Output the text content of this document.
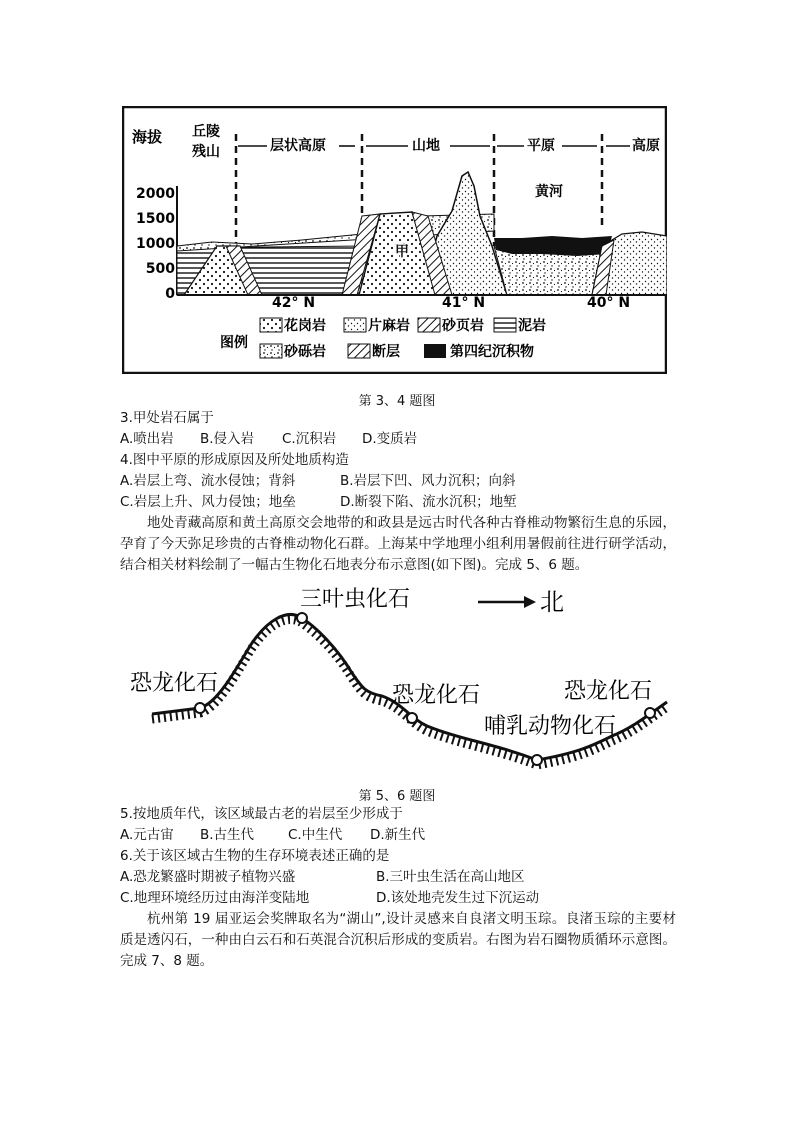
海拔 丘陵
残山	层状高原	山地	平原	高原
2000
1500
1000
500
0
甲
黄河
42° N	41° N	40° N
图例
花岗岩	片麻岩 砂页岩 泥岩
砂砾岩	断层	第四纪沉积物
第 3、4 题图
3.甲处岩石属于
A.喷出岩 B.侵入岩 C.沉积岩 D.变质岩
4.图中平原的形成原因及所处地质构造
A.岩层上弯、流水侵蚀；背斜	B.岩层下凹、风力沉积；向斜
C.岩层上升、风力侵蚀；地垒	D.断裂下陷、流水沉积；地堑
地处青藏高原和黄土高原交会地带的和政县是远古时代各种古脊椎动物繁衍生息的乐园，孕育了今天弥足珍贵的古脊椎动物化石群。上海某中学地理小组利用暑假前往进行研学活动，结合相关材料绘制了一幅古生物化石地表分布示意图(如下图)。完成 5、6 题。
三叶虫化石	北
恐龙化石	恐龙化石	恐龙化石
哺乳动物化石
第 5、6 题图
5.按地质年代，该区域最古老的岩层至少形成于
A.元古宙 B.古生代	C.中生代 D.新生代
6.关于该区域古生物的生存环境表述正确的是
A.恐龙繁盛时期被子植物兴盛	B.三叶虫生活在高山地区
C.地理环境经历过由海洋变陆地	D.该处地壳发生过下沉运动
杭州第 19 届亚运会奖牌取名为“湖山”,设计灵感来自良渚文明玉琮。良渚玉琮的主要材质是透闪石，一种由白云石和石英混合沉积后形成的变质岩。右图为岩石圈物质循环示意图。完成 7、8 题。
